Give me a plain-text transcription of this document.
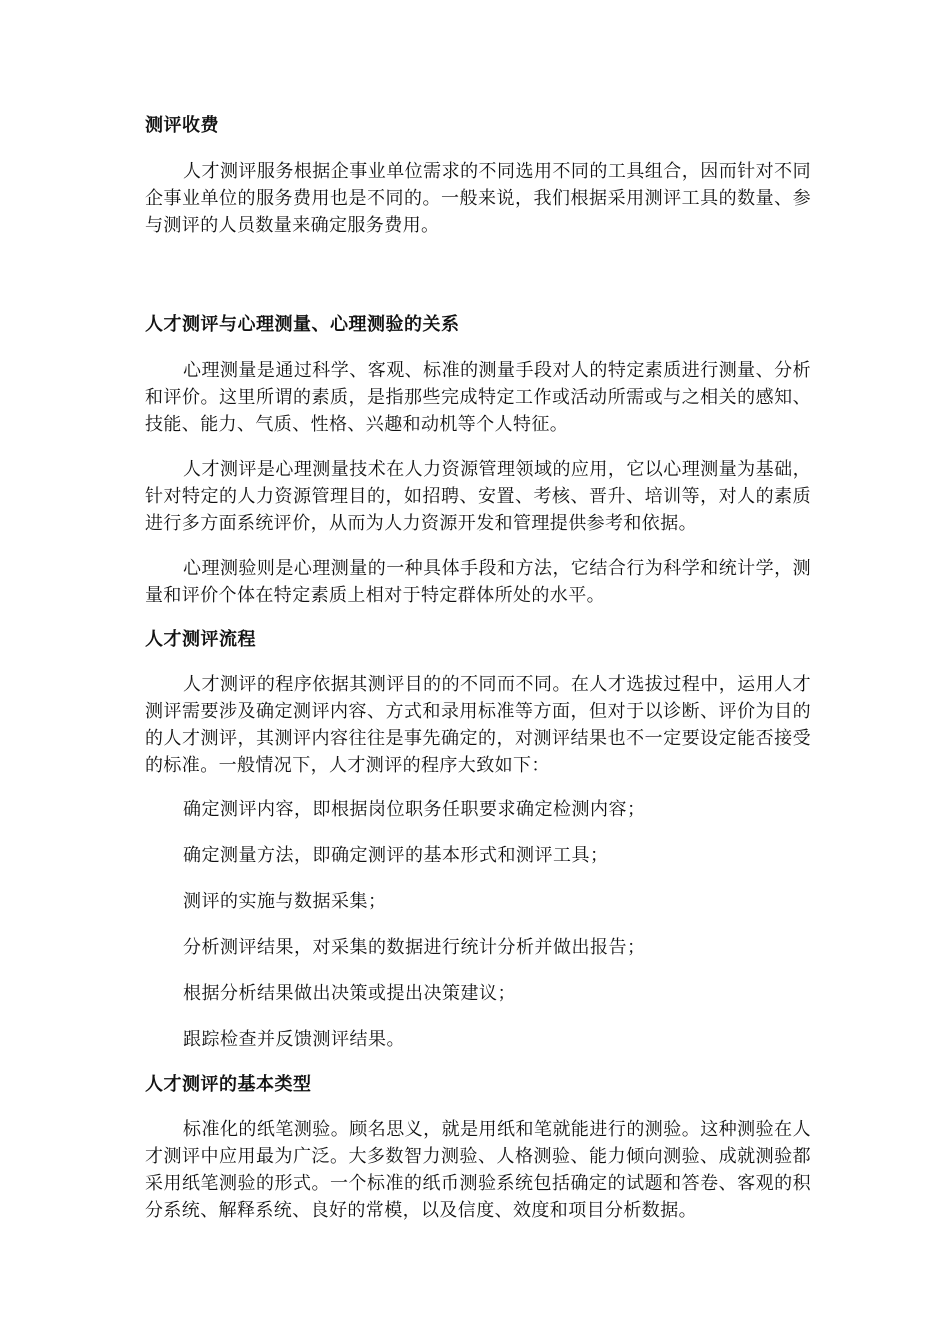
测评收费

人才测评服务根据企事业单位需求的不同选用不同的工具组合，因而针对不同企事业单位的服务费用也是不同的。一般来说，我们根据采用测评工具的数量、参与测评的人员数量来确定服务费用。

人才测评与心理测量、心理测验的关系

心理测量是通过科学、客观、标准的测量手段对人的特定素质进行测量、分析和评价。这里所谓的素质，是指那些完成特定工作或活动所需或与之相关的感知、技能、能力、气质、性格、兴趣和动机等个人特征。

人才测评是心理测量技术在人力资源管理领域的应用，它以心理测量为基础，针对特定的人力资源管理目的，如招聘、安置、考核、晋升、培训等，对人的素质进行多方面系统评价，从而为人力资源开发和管理提供参考和依据。

心理测验则是心理测量的一种具体手段和方法，它结合行为科学和统计学，测量和评价个体在特定素质上相对于特定群体所处的水平。

人才测评流程

人才测评的程序依据其测评目的的不同而不同。在人才选拔过程中，运用人才测评需要涉及确定测评内容、方式和录用标准等方面，但对于以诊断、评价为目的的人才测评，其测评内容往往是事先确定的，对测评结果也不一定要设定能否接受的标准。一般情况下，人才测评的程序大致如下：

确定测评内容，即根据岗位职务任职要求确定检测内容；

确定测量方法，即确定测评的基本形式和测评工具；

测评的实施与数据采集；

分析测评结果，对采集的数据进行统计分析并做出报告；

根据分析结果做出决策或提出决策建议；

跟踪检查并反馈测评结果。

人才测评的基本类型

标准化的纸笔测验。顾名思义，就是用纸和笔就能进行的测验。这种测验在人才测评中应用最为广泛。大多数智力测验、人格测验、能力倾向测验、成就测验都采用纸笔测验的形式。一个标准的纸币测验系统包括确定的试题和答卷、客观的积分系统、解释系统、良好的常模，以及信度、效度和项目分析数据。
